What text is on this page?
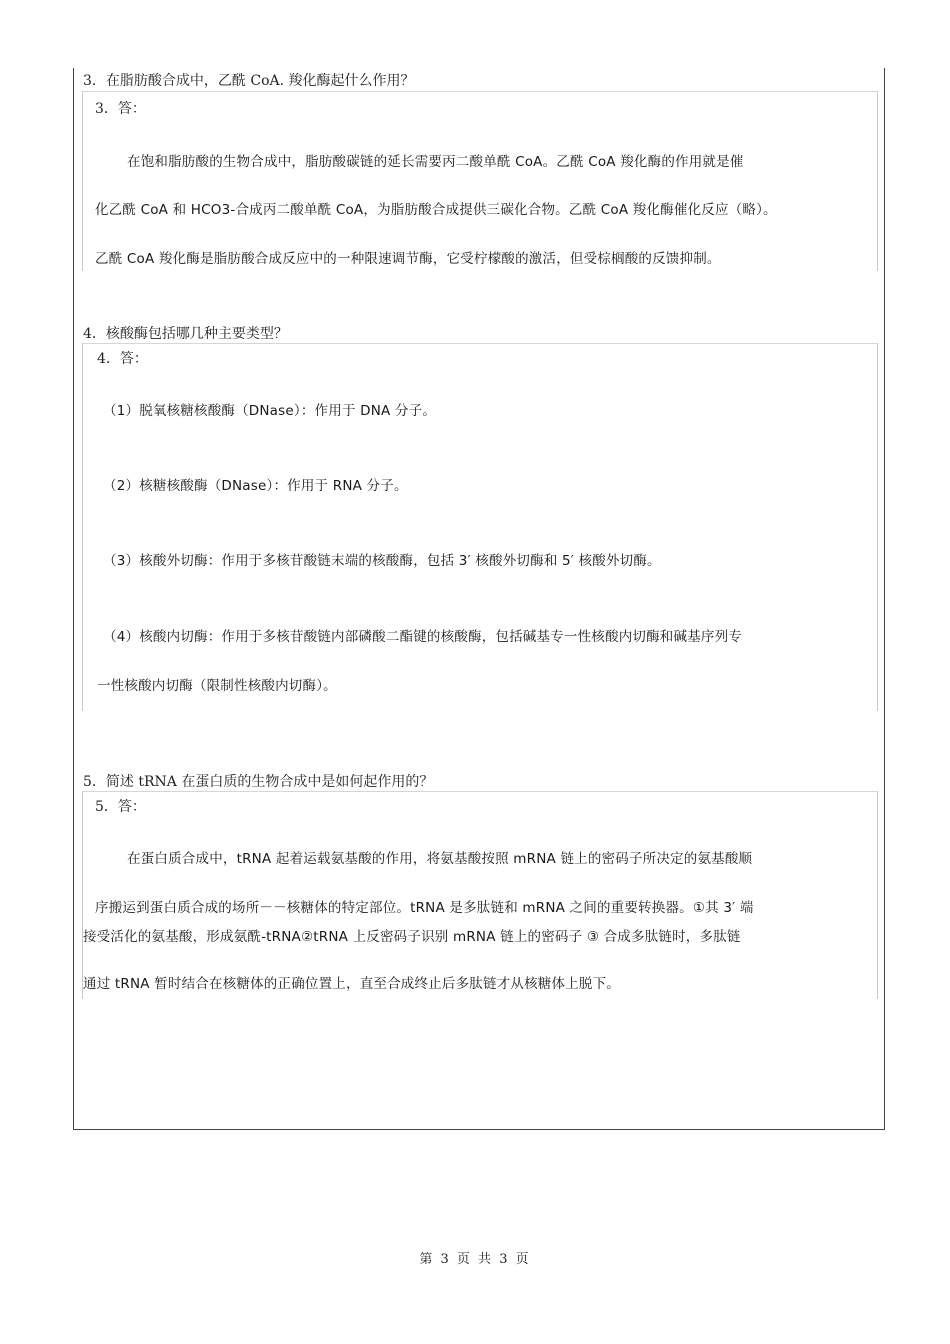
3．在脂肪酸合成中，乙酰 CoA. 羧化酶起什么作用？
3．答：
在饱和脂肪酸的生物合成中，脂肪酸碳链的延长需要丙二酸单酰 CoA。乙酰 CoA 羧化酶的作用就是催
化乙酰 CoA 和 HCO3-合成丙二酸单酰 CoA，为脂肪酸合成提供三碳化合物。乙酰 CoA 羧化酶催化反应（略）。
乙酰 CoA 羧化酶是脂肪酸合成反应中的一种限速调节酶，它受柠檬酸的激活，但受棕榈酸的反馈抑制。
4．核酸酶包括哪几种主要类型？
4．答：
（1）脱氧核糖核酸酶（DNase）：作用于 DNA 分子。
（2）核糖核酸酶（DNase）：作用于 RNA 分子。
（3）核酸外切酶：作用于多核苷酸链末端的核酸酶，包括 3′ 核酸外切酶和 5′ 核酸外切酶。
（4）核酸内切酶：作用于多核苷酸链内部磷酸二酯键的核酸酶，包括碱基专一性核酸内切酶和碱基序列专
一性核酸内切酶（限制性核酸内切酶）。
5．简述 tRNA 在蛋白质的生物合成中是如何起作用的？
5．答：
在蛋白质合成中，tRNA 起着运载氨基酸的作用，将氨基酸按照 mRNA 链上的密码子所决定的氨基酸顺
序搬运到蛋白质合成的场所－－核糖体的特定部位。tRNA 是多肽链和 mRNA 之间的重要转换器。①其 3′ 端
接受活化的氨基酸，形成氨酰-tRNA②tRNA 上反密码子识别 mRNA 链上的密码子 ③ 合成多肽链时，多肽链
通过 tRNA 暂时结合在核糖体的正确位置上，直至合成终止后多肽链才从核糖体上脱下。
第 3 页 共 3 页
